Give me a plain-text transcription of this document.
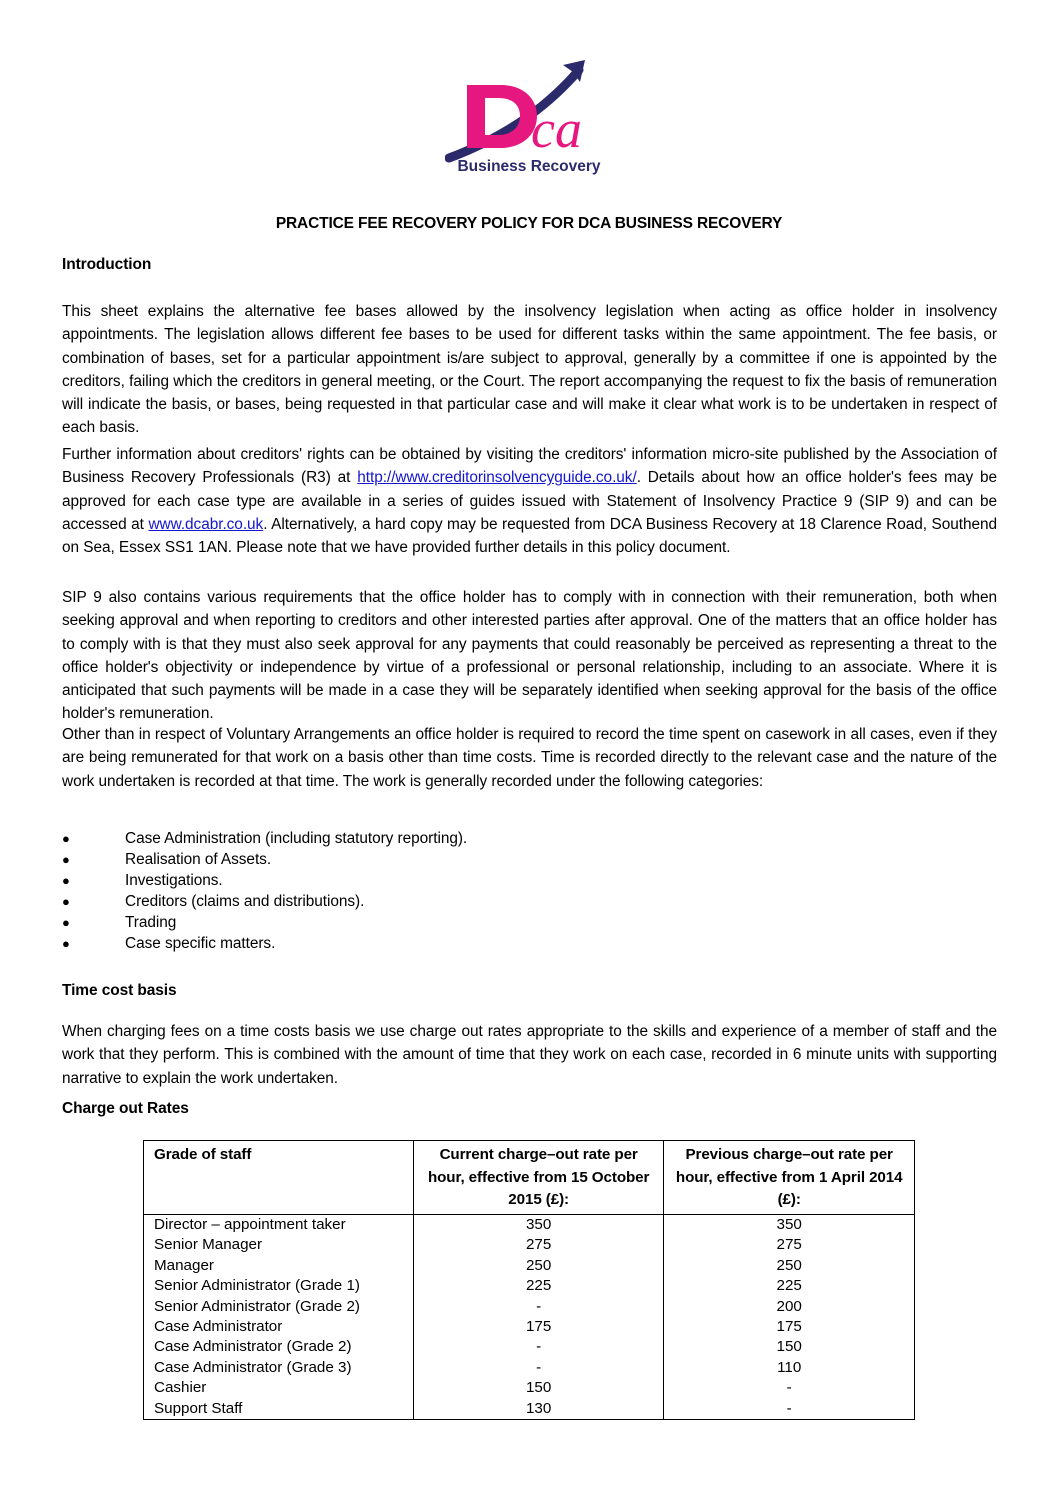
ca
Business Recovery
PRACTICE FEE RECOVERY POLICY FOR DCA BUSINESS RECOVERY
Introduction
This sheet explains the alternative fee bases allowed by the insolvency legislation when acting as office holder in insolvency appointments. The legislation allows different fee bases to be used for different tasks within the same appointment. The fee basis, or combination of bases, set for a particular appointment is/are subject to approval, generally by a committee if one is appointed by the creditors, failing which the creditors in general meeting, or the Court. The report accompanying the request to fix the basis of remuneration will indicate the basis, or bases, being requested in that particular case and will make it clear what work is to be undertaken in respect of each basis.
Further information about creditors' rights can be obtained by visiting the creditors' information micro-site published by the Association of Business Recovery Professionals (R3) at http://www.creditorinsolvencyguide.co.uk/. Details about how an office holder's fees may be approved for each case type are available in a series of guides issued with Statement of Insolvency Practice 9 (SIP 9) and can be accessed at www.dcabr.co.uk. Alternatively, a hard copy may be requested from DCA Business Recovery at 18 Clarence Road, Southend on Sea, Essex SS1 1AN. Please note that we have provided further details in this policy document.
SIP 9 also contains various requirements that the office holder has to comply with in connection with their remuneration, both when seeking approval and when reporting to creditors and other interested parties after approval. One of the matters that an office holder has to comply with is that they must also seek approval for any payments that could reasonably be perceived as representing a threat to the office holder's objectivity or independence by virtue of a professional or personal relationship, including to an associate. Where it is anticipated that such payments will be made in a case they will be separately identified when seeking approval for the basis of the office holder's remuneration.
Other than in respect of Voluntary Arrangements an office holder is required to record the time spent on casework in all cases, even if they are being remunerated for that work on a basis other than time costs. Time is recorded directly to the relevant case and the nature of the work undertaken is recorded at that time. The work is generally recorded under the following categories:
●	Case Administration (including statutory reporting).
●	Realisation of Assets.
●	Investigations.
●	Creditors (claims and distributions).
●	Trading
●	Case specific matters.
Time cost basis
When charging fees on a time costs basis we use charge out rates appropriate to the skills and experience of a member of staff and the work that they perform. This is combined with the amount of time that they work on each case, recorded in 6 minute units with supporting narrative to explain the work undertaken.
Charge out Rates
Grade of staff	Current charge–out rate per hour, effective from 15 October 2015 (£):	Previous charge–out rate per hour, effective from 1 April 2014 (£):
Director – appointment taker	350	350
Senior Manager	275	275
Manager	250	250
Senior Administrator (Grade 1)	225	225
Senior Administrator (Grade 2)	-	200
Case Administrator	175	175
Case Administrator (Grade 2)	-	150
Case Administrator (Grade 3)	-	110
Cashier	150	-
Support Staff	130	-
